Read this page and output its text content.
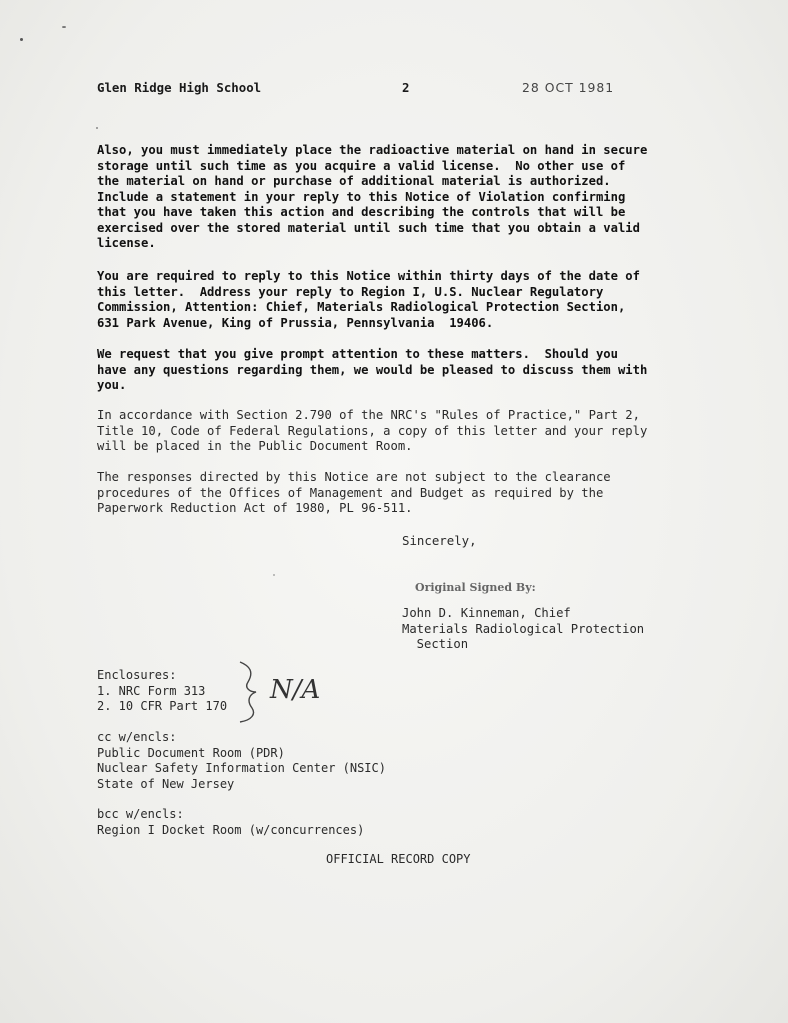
Glen Ridge High School	2	28 OCT 1981
Also, you must immediately place the radioactive material on hand in secure
storage until such time as you acquire a valid license.  No other use of
the material on hand or purchase of additional material is authorized.
Include a statement in your reply to this Notice of Violation confirming
that you have taken this action and describing the controls that will be
exercised over the stored material until such time that you obtain a valid
license.
You are required to reply to this Notice within thirty days of the date of
this letter.  Address your reply to Region I, U.S. Nuclear Regulatory
Commission, Attention: Chief, Materials Radiological Protection Section,
631 Park Avenue, King of Prussia, Pennsylvania  19406.
We request that you give prompt attention to these matters.  Should you
have any questions regarding them, we would be pleased to discuss them with
you.
In accordance with Section 2.790 of the NRC's "Rules of Practice," Part 2,
Title 10, Code of Federal Regulations, a copy of this letter and your reply
will be placed in the Public Document Room.
The responses directed by this Notice are not subject to the clearance
procedures of the Offices of Management and Budget as required by the
Paperwork Reduction Act of 1980, PL 96-511.
Sincerely,
Original Signed By:
John D. Kinneman, Chief
Materials Radiological Protection
Section
Enclosures:
1. NRC Form 313
2. 10 CFR Part 170
N/A
cc w/encls:
Public Document Room (PDR)
Nuclear Safety Information Center (NSIC)
State of New Jersey
bcc w/encls:
Region I Docket Room (w/concurrences)
OFFICIAL RECORD COPY
